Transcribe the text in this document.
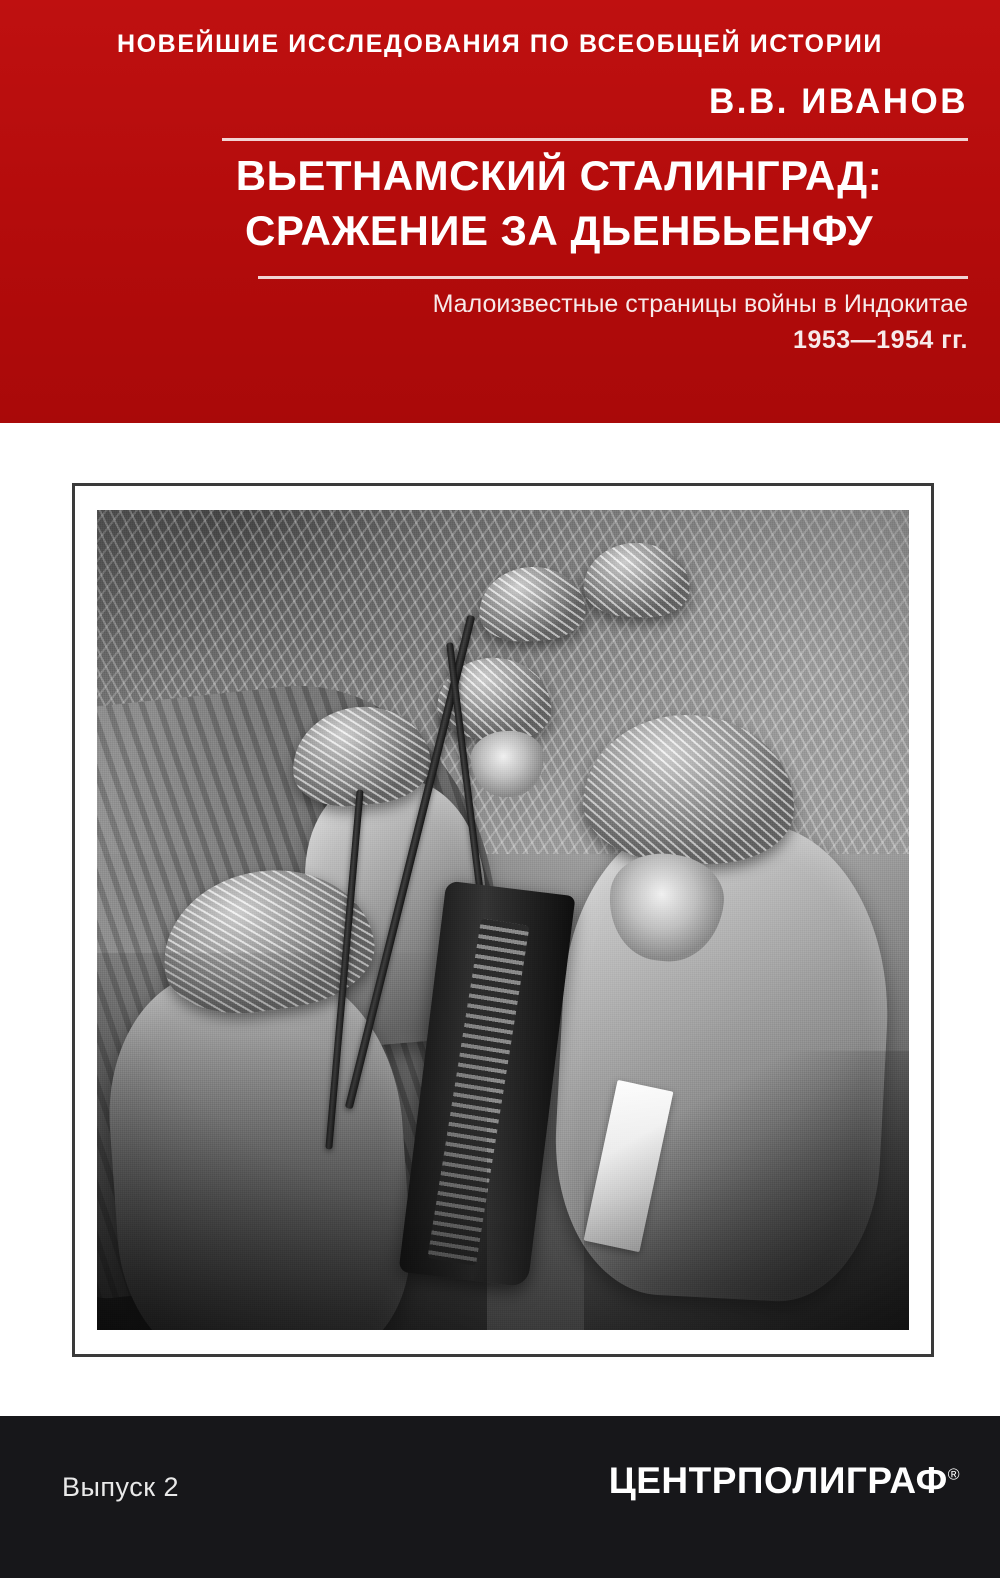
НОВЕЙШИЕ ИССЛЕДОВАНИЯ ПО ВСЕОБЩЕЙ ИСТОРИИ
В.В. ИВАНОВ
ВЬЕТНАМСКИЙ СТАЛИНГРАД:
СРАЖЕНИЕ ЗА ДЬЕНБЬЕНФУ
Малоизвестные страницы войны в Индокитае
1953—1954 гг.
Выпуск 2	ЦЕНТРПОЛИГРАФ®
